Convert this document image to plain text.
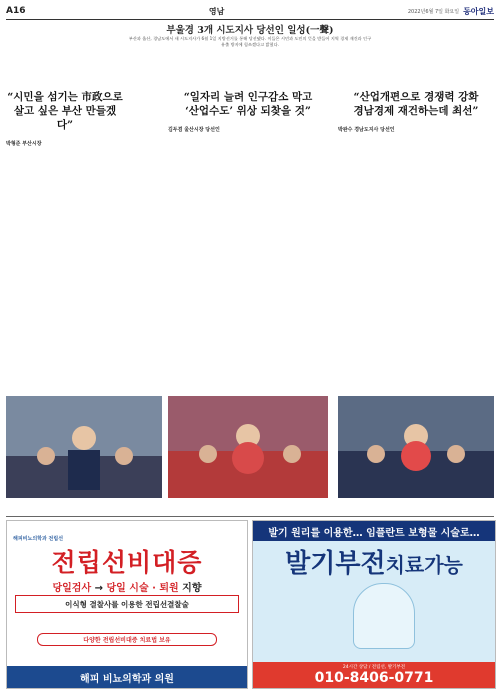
A16	영남	2022년6월 7일 화요일 동아일보
부울경 3개 시도지사 당선인 일성(一聲)
부산과 울산, 경남도에서 새 시도지사가 6월 1일 지방선거를 통해 당선됐다. 이들은 시민과 도민의 뜻을 받들어 지역 경제 재건과 인구 유출 방지에 힘쓰겠다고 밝혔다.
“시민을 섬기는 市政으로
살고 싶은 부산 만들겠다”
박형준 부산시장

“일자리 늘려 인구감소 막고
‘산업수도’ 위상 되찾을 것”
김두겸 울산시장 당선인

“산업개편으로 경쟁력 강화
경남경제 재건하는데 최선”
박완수 경남도지사 당선인

해피비뇨의학과 전립선
전립선비대증
당일검사 → 당일 시술 · 퇴원 지향
이식형 결찰사를 이용한 전립선결찰술
다양한 전립선비대증 치료법 보유
해피 비뇨의학과 의원
발기 원리를 이용한… 임플란트 보형물 시술로…
발기부전치료가능
24시간 상담 / 전립선, 발기부전
010-8406-0771
